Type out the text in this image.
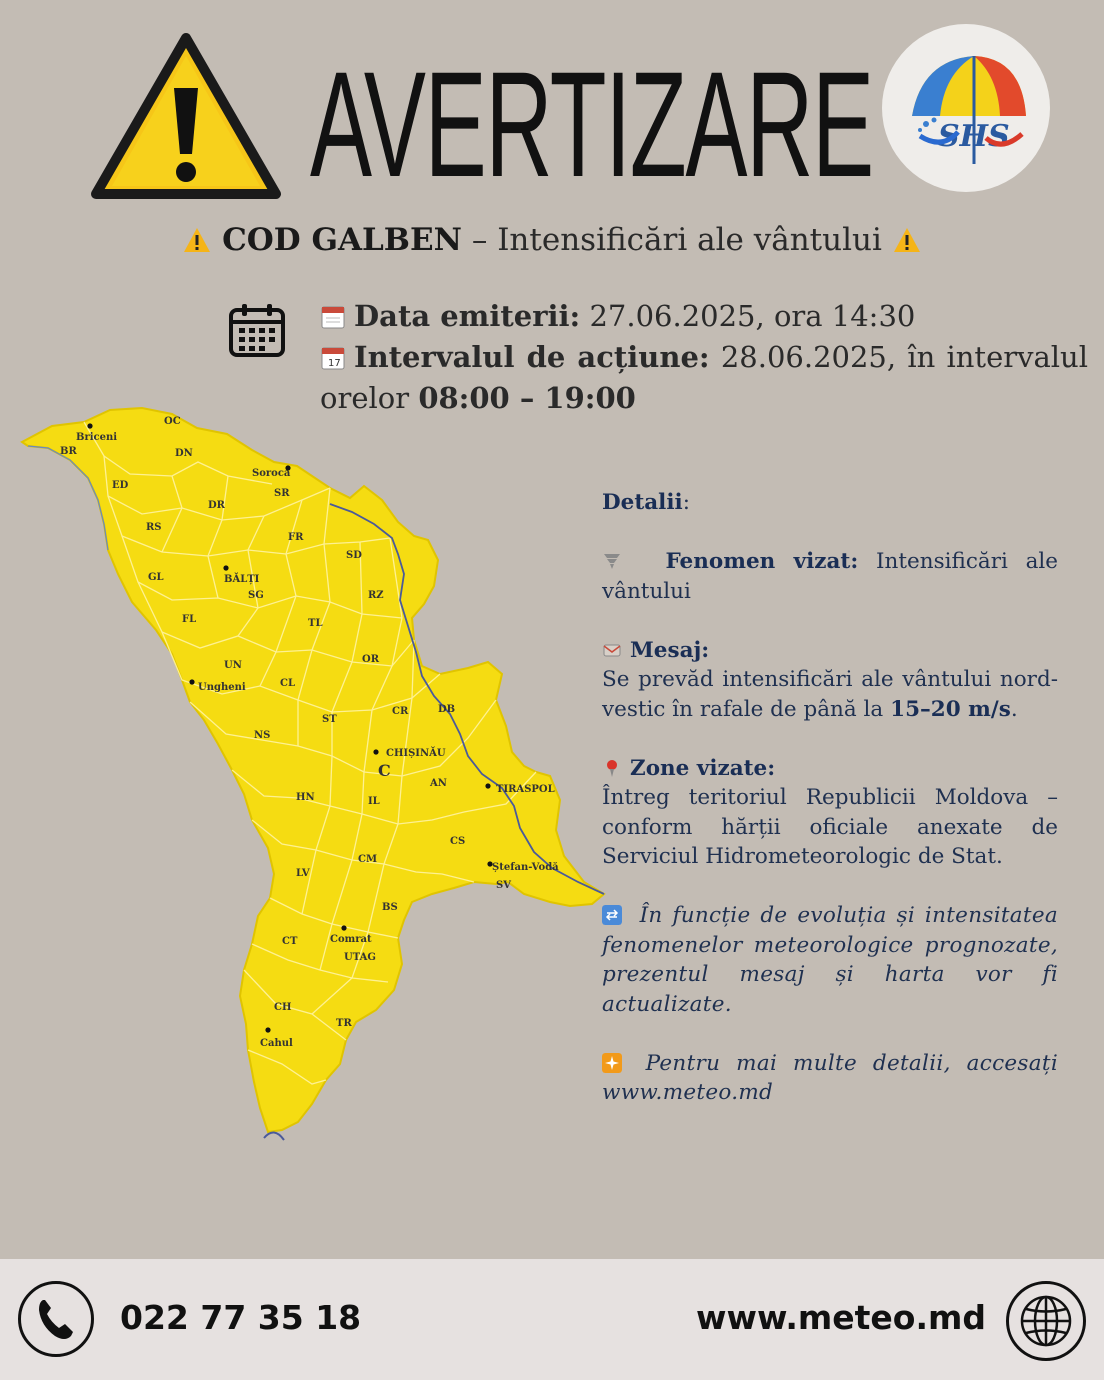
AVERTIZARE SHS
COD GALBEN – Intensificări ale vântului
Data emiterii: 27.06.2025, ora 14:30
17 Intervalul de acțiune: 28.06.2025, în intervalul orelor 08:00 – 19:00
OC
Briceni
BR	DN
ED
Soroca
SR
DR
RS
FR
SD
GL	BĂLȚI
SG	RZ
FL	TL
OR
UN
Ungheni	CL
CR	DB
ST
NS
CHIȘINĂU
C
AN
TIRASPOL
HN	IL
CS
CM
Ștefan-Vodă
SV
LV
BS
CT	Comrat
UTAG
CH
TR
Cahul
Detalii:
Fenomen vizat: Intensificări ale vântului
Mesaj:
Se prevăd intensificări ale vântului nord-vestic în rafale de până la 15–20 m/s.
Zone vizate:
Întreg teritoriul Republicii Moldova – conform hărții oficiale anexate de Serviciul Hidrometeorologic de Stat.
În funcție de evoluția și intensitatea fenomenelor meteorologice prognozate, prezentul mesaj și harta vor fi actualizate.
Pentru mai multe detalii, accesați www.meteo.md
022 77 35 18	www.meteo.md
